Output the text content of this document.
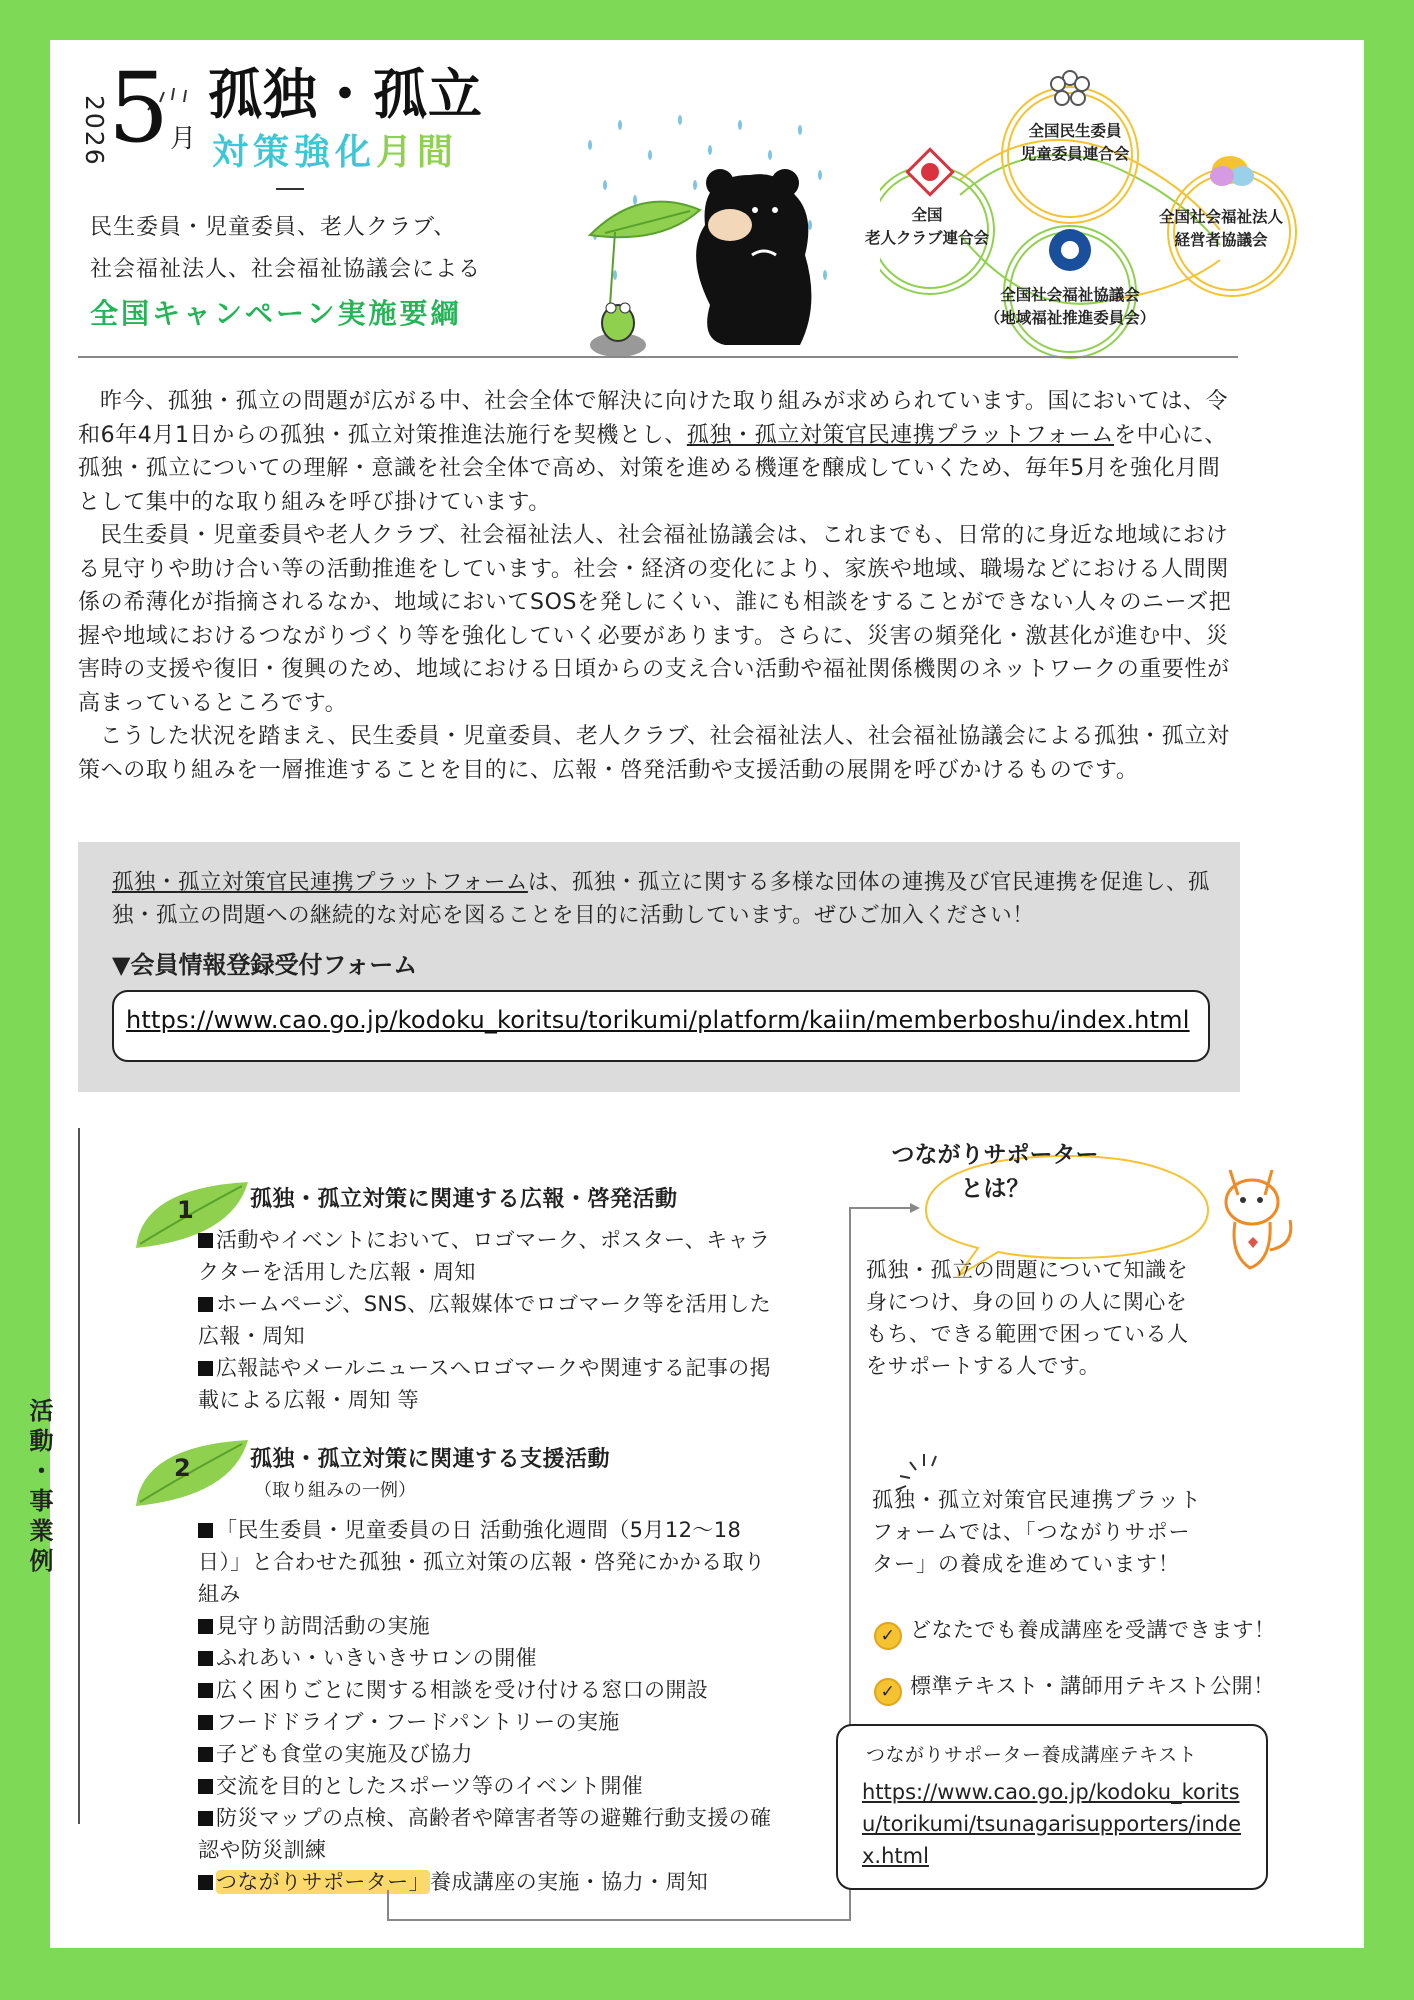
2026 5 月
孤独・孤立
対策強化月間
民生委員・児童委員、老人クラブ、
社会福祉法人、社会福祉協議会による
全国キャンペーン実施要綱
全国民生委員
児童委員連合会
全国
老人クラブ連合会
全国社会福祉法人
経営者協議会
全国社会福祉協議会
（地域福祉推進委員会）

昨今、孤独・孤立の問題が広がる中、社会全体で解決に向けた取り組みが求められています。国においては、令和6年4月1日からの孤独・孤立対策推進法施行を契機とし、孤独・孤立対策官民連携プラットフォームを中心に、孤独・孤立についての理解・意識を社会全体で高め、対策を進める機運を醸成していくため、毎年5月を強化月間として集中的な取り組みを呼び掛けています。

民生委員・児童委員や老人クラブ、社会福祉法人、社会福祉協議会は、これまでも、日常的に身近な地域における見守りや助け合い等の活動推進をしています。社会・経済の変化により、家族や地域、職場などにおける人間関係の希薄化が指摘されるなか、地域においてSOSを発しにくい、誰にも相談をすることができない人々のニーズ把握や地域におけるつながりづくり等を強化していく必要があります。さらに、災害の頻発化・激甚化が進む中、災害時の支援や復旧・復興のため、地域における日頃からの支え合い活動や福祉関係機関のネットワークの重要性が高まっているところです。

こうした状況を踏まえ、民生委員・児童委員、老人クラブ、社会福祉法人、社会福祉協議会による孤独・孤立対策への取り組みを一層推進することを目的に、広報・啓発活動や支援活動の展開を呼びかけるものです。

孤独・孤立対策官民連携プラットフォームは、孤独・孤立に関する多様な団体の連携及び官民連携を促進し、孤独・孤立の問題への継続的な対応を図ることを目的に活動しています。ぜひご加入ください！
▼会員情報登録受付フォーム
https://www.cao.go.jp/kodoku_koritsu/torikumi/platform/kaiin/memberboshu/index.html
活動・事業例
1	孤独・孤立対策に関連する広報・啓発活動
活動やイベントにおいて、ロゴマーク、ポスター、キャラクターを活用した広報・周知
ホームページ、SNS、広報媒体でロゴマーク等を活用した広報・周知
広報誌やメールニュースへロゴマークや関連する記事の掲載による広報・周知 等
2	孤独・孤立対策に関連する支援活動
（取り組みの一例）
「民生委員・児童委員の日 活動強化週間（5月12〜18日）」と合わせた孤独・孤立対策の広報・啓発にかかる取り組み
見守り訪問活動の実施
ふれあい・いきいきサロンの開催
広く困りごとに関する相談を受け付ける窓口の開設
フードドライブ・フードパントリーの実施
子ども食堂の実施及び協力
交流を目的としたスポーツ等のイベント開催
防災マップの点検、高齢者や障害者等の避難行動支援の確認や防災訓練
つながりサポーター」養成講座の実施・協力・周知
つながりサポーター
とは？
孤独・孤立の問題について知識を身につけ、身の回りの人に関心をもち、できる範囲で困っている人をサポートする人です。
孤独・孤立対策官民連携プラットフォームでは、「つながりサポーター」の養成を進めています！
✓ どなたでも養成講座を受講できます！
✓ 標準テキスト・講師用テキスト公開！
つながりサポーター養成講座テキスト
https://www.cao.go.jp/kodoku_koritsu/torikumi/tsunagarisupporters/index.html
